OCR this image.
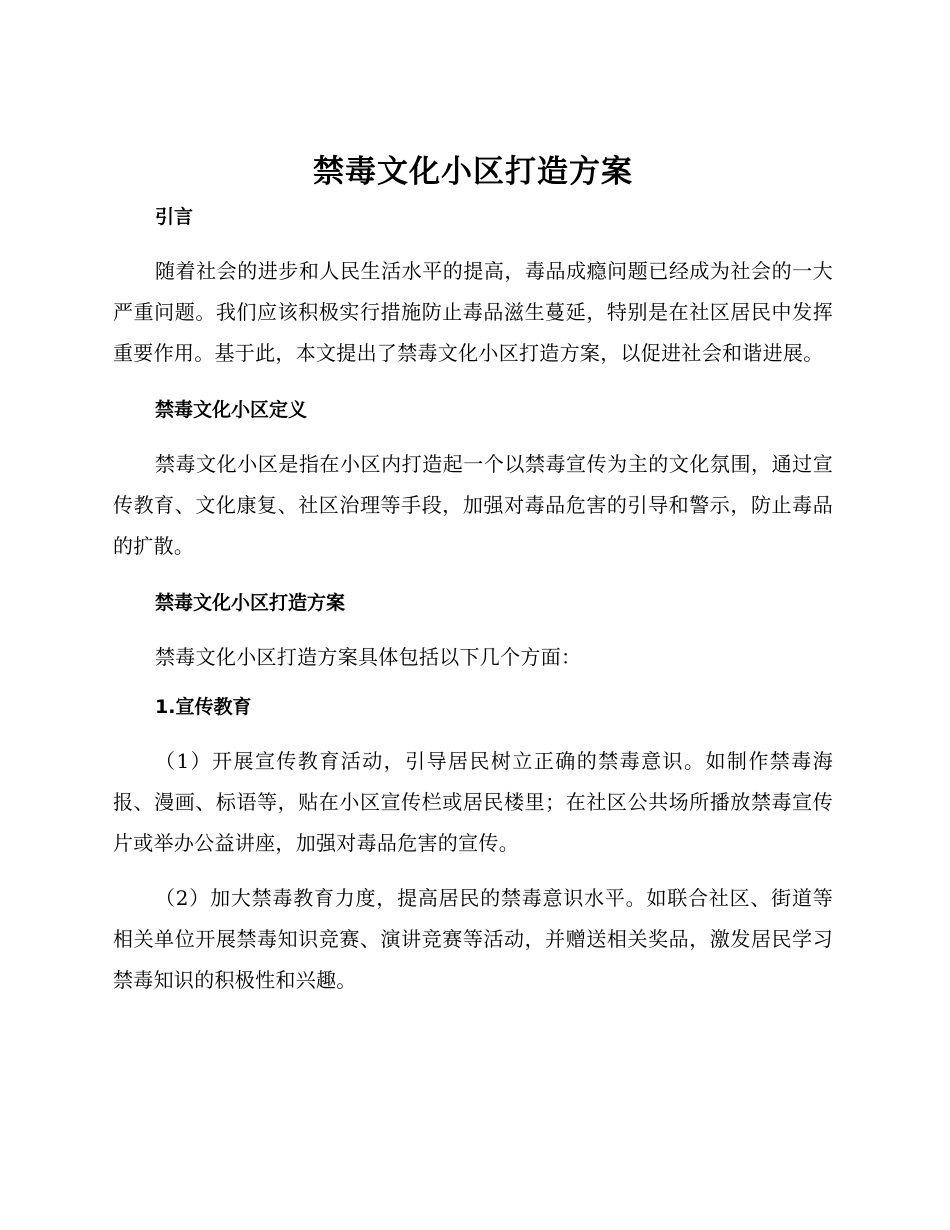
禁毒文化小区打造方案
引言

随着社会的进步和人民生活水平的提高，毒品成瘾问题已经成为社会的一大严重问题。我们应该积极实行措施防止毒品滋生蔓延，特别是在社区居民中发挥重要作用。基于此，本文提出了禁毒文化小区打造方案，以促进社会和谐进展。

禁毒文化小区定义

禁毒文化小区是指在小区内打造起一个以禁毒宣传为主的文化氛围，通过宣传教育、文化康复、社区治理等手段，加强对毒品危害的引导和警示，防止毒品的扩散。

禁毒文化小区打造方案

禁毒文化小区打造方案具体包括以下几个方面：

1.宣传教育

（1）开展宣传教育活动，引导居民树立正确的禁毒意识。如制作禁毒海报、漫画、标语等，贴在小区宣传栏或居民楼里；在社区公共场所播放禁毒宣传片或举办公益讲座，加强对毒品危害的宣传。

（2）加大禁毒教育力度，提高居民的禁毒意识水平。如联合社区、街道等相关单位开展禁毒知识竞赛、演讲竞赛等活动，并赠送相关奖品，激发居民学习禁毒知识的积极性和兴趣。
